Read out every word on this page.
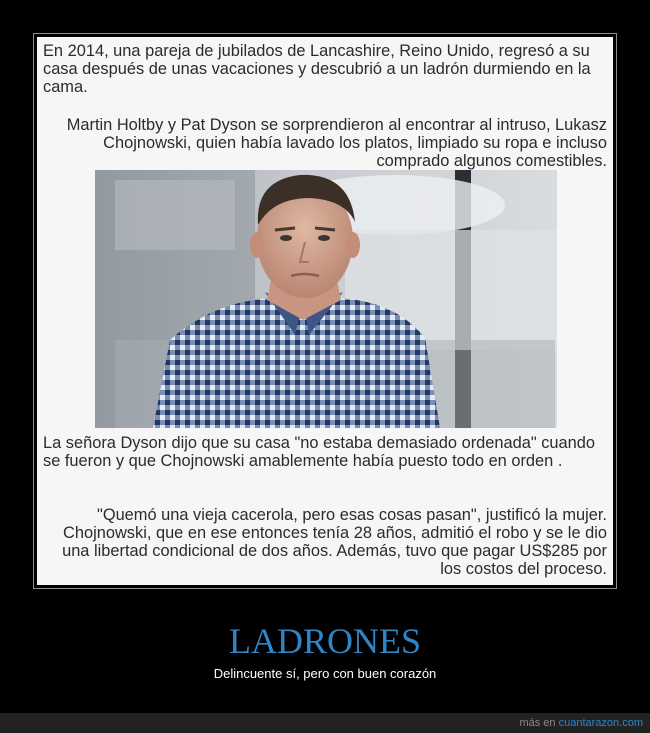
En 2014, una pareja de jubilados de Lancashire, Reino Unido, regresó a su casa después de unas vacaciones y descubrió a un ladrón durmiendo en la cama.

Martin Holtby y Pat Dyson se sorprendieron al encontrar al intruso, Lukasz Chojnowski, quien había lavado los platos, limpiado su ropa e incluso comprado algunos comestibles.

La señora Dyson dijo que su casa "no estaba demasiado ordenada" cuando se fueron y que Chojnowski amablemente había puesto todo en orden .

"Quemó una vieja cacerola, pero esas cosas pasan", justificó la mujer. Chojnowski, que en ese entonces tenía 28 años, admitió el robo y se le dio una libertad condicional de dos años. Además, tuvo que pagar US$285 por los costos del proceso.

LADRONES

Delincuente sí, pero con buen corazón

más en cuantarazon.com
